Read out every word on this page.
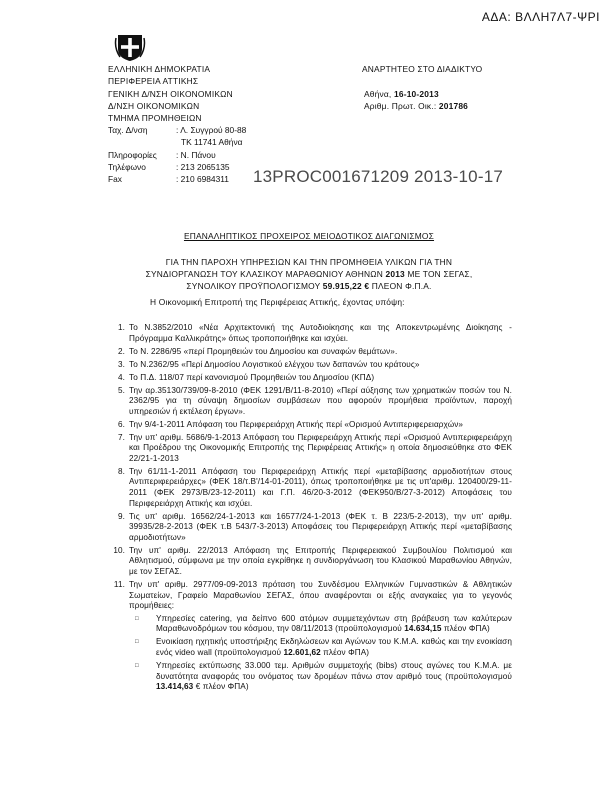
ΑΔΑ: ΒΛΛΗ7Λ7-ΨΡΙ
ΕΛΛΗΝΙΚΗ ΔΗΜΟΚΡΑΤΙΑ
ΠΕΡΙΦΕΡΕΙΑ ΑΤΤΙΚΗΣ
ΓΕΝΙΚΗ Δ/ΝΣΗ ΟΙΚΟΝΟΜΙΚΩΝ
Δ/ΝΣΗ ΟΙΚΟΝΟΜΙΚΩΝ
ΤΜΗΜΑ ΠΡΟΜΗΘΕΙΩΝ
ΑΝΑΡΤΗΤΕΟ ΣΤΟ ΔΙΑΔΙΚΤΥΟ
Αθήνα, 16-10-2013
Αριθμ. Πρωτ. Οικ.: 201786
Ταχ. Δ/νση	: Λ. Συγγρού 80-88
ΤΚ 11741 Αθήνα
Πληροφορίες	: Ν. Πάνου
Τηλέφωνο	: 213 2065135
Fax	: 210 6984311	13PROC001671209 2013-10-17
ΕΠΑΝΑΛΗΠΤΙΚΟΣ ΠΡΟΧΕΙΡΟΣ ΜΕΙΟΔΟΤΙΚΟΣ ΔΙΑΓΩΝΙΣΜΟΣ
ΓΙΑ ΤΗΝ ΠΑΡΟΧΗ ΥΠΗΡΕΣΙΩΝ ΚΑΙ ΤΗΝ ΠΡΟΜΗΘΕΙΑ ΥΛΙΚΩΝ ΓΙΑ ΤΗΝ
ΣΥΝΔΙΟΡΓΑΝΩΣΗ ΤΟΥ ΚΛΑΣΙΚΟΥ ΜΑΡΑΘΩΝΙΟΥ ΑΘΗΝΩΝ 2013 ΜΕ ΤΟΝ ΣΕΓΑΣ,
ΣΥΝΟΛΙΚΟΥ ΠΡΟΫΠΟΛΟΓΙΣΜΟΥ 59.915,22 € ΠΛΕΟΝ Φ.Π.Α.
Η Οικονομική Επιτροπή της Περιφέρειας Αττικής, έχοντας υπόψη:
1. Το Ν.3852/2010 «Νέα Αρχιτεκτονική της Αυτοδιοίκησης και της Αποκεντρωμένης Διοίκησης - Πρόγραμμα Καλλικράτης» όπως τροποποιήθηκε και ισχύει.
2. Το Ν. 2286/95 «περί Προμηθειών του Δημοσίου και συναφών θεμάτων».
3. Το Ν.2362/95 «Περί Δημοσίου Λογιστικού ελέγχου των δαπανών του κράτους»
4. Το Π.Δ. 118/07 περί κανονισμού Προμηθειών του Δημοσίου (ΚΠΔ)
5. Την αρ.35130/739/09-8-2010 (ΦΕΚ 1291/Β/11-8-2010) «Περί αύξησης των χρηματικών ποσών του Ν. 2362/95 για τη σύναψη δημοσίων συμβάσεων που αφορούν προμήθεια προϊόντων, παροχή υπηρεσιών ή εκτέλεση έργων».
6. Την 9/4-1-2011 Απόφαση του Περιφερειάρχη Αττικής περί «Ορισμού Αντιπεριφερειαρχών»
7. Την υπ' αριθμ. 5686/9-1-2013 Απόφαση του Περιφερειάρχη Αττικής περί «Ορισμού Αντιπεριφερειάρχη και Προέδρου της Οικονομικής Επιτροπής της Περιφέρειας Αττικής» η οποία δημοσιεύθηκε στο ΦΕΚ 22/21-1-2013
8. Την 61/11-1-2011 Απόφαση του Περιφερειάρχη Αττικής περί «μεταβίβασης αρμοδιοτήτων στους Αντιπεριφερειάρχες» (ΦΕΚ 18/τ.Β'/14-01-2011), όπως τροποποιήθηκε με τις υπ'αριθμ. 120400/29-11-2011 (ΦΕΚ 2973/Β/23-12-2011) και Γ.Π. 46/20-3-2012 (ΦΕΚ950/Β/27-3-2012) Αποφάσεις του Περιφερειάρχη Αττικής και ισχύει.
9. Τις υπ' αριθμ. 16562/24-1-2013 και 16577/24-1-2013 (ΦΕΚ τ. Β 223/5-2-2013), την υπ' αριθμ. 39935/28-2-2013 (ΦΕΚ τ.Β 543/7-3-2013) Αποφάσεις του Περιφερειάρχη Αττικής περί «μεταβίβασης αρμοδιοτήτων»
10. Την υπ' αριθμ. 22/2013 Απόφαση της Επιτροπής Περιφερειακού Συμβουλίου Πολιτισμού και Αθλητισμού, σύμφωνα με την οποία εγκρίθηκε η συνδιοργάνωση του Κλασικού Μαραθωνίου Αθηνών, με τον ΣΕΓΑΣ.
11. Την υπ' αριθμ. 2977/09-09-2013 πρόταση του Συνδέσμου Ελληνικών Γυμναστικών & Αθλητικών Σωματείων, Γραφείο Μαραθωνίου ΣΕΓΑΣ, όπου αναφέρονται οι εξής αναγκαίες για το γεγονός προμήθειες:
□	Υπηρεσίες catering, για δείπνο 600 ατόμων συμμετεχόντων στη βράβευση των καλύτερων Μαραθωνοδρόμων του κόσμου, την 08/11/2013 (προϋπολογισμού 14.634,15 πλέον ΦΠΑ)
□	Ενοικίαση ηχητικής υποστήριξης Εκδηλώσεων και Αγώνων του Κ.Μ.Α. καθώς και την ενοικίαση ενός video wall (προϋπολογισμού 12.601,62 πλέον ΦΠΑ)
□	Υπηρεσίες εκτύπωσης 33.000 τεμ. Αριθμών συμμετοχής (bibs) στους αγώνες του Κ.Μ.Α. με δυνατότητα αναφοράς του ονόματος των δρομέων πάνω στον αριθμό τους (προϋπολογισμού 13.414,63 € πλέον ΦΠΑ)
